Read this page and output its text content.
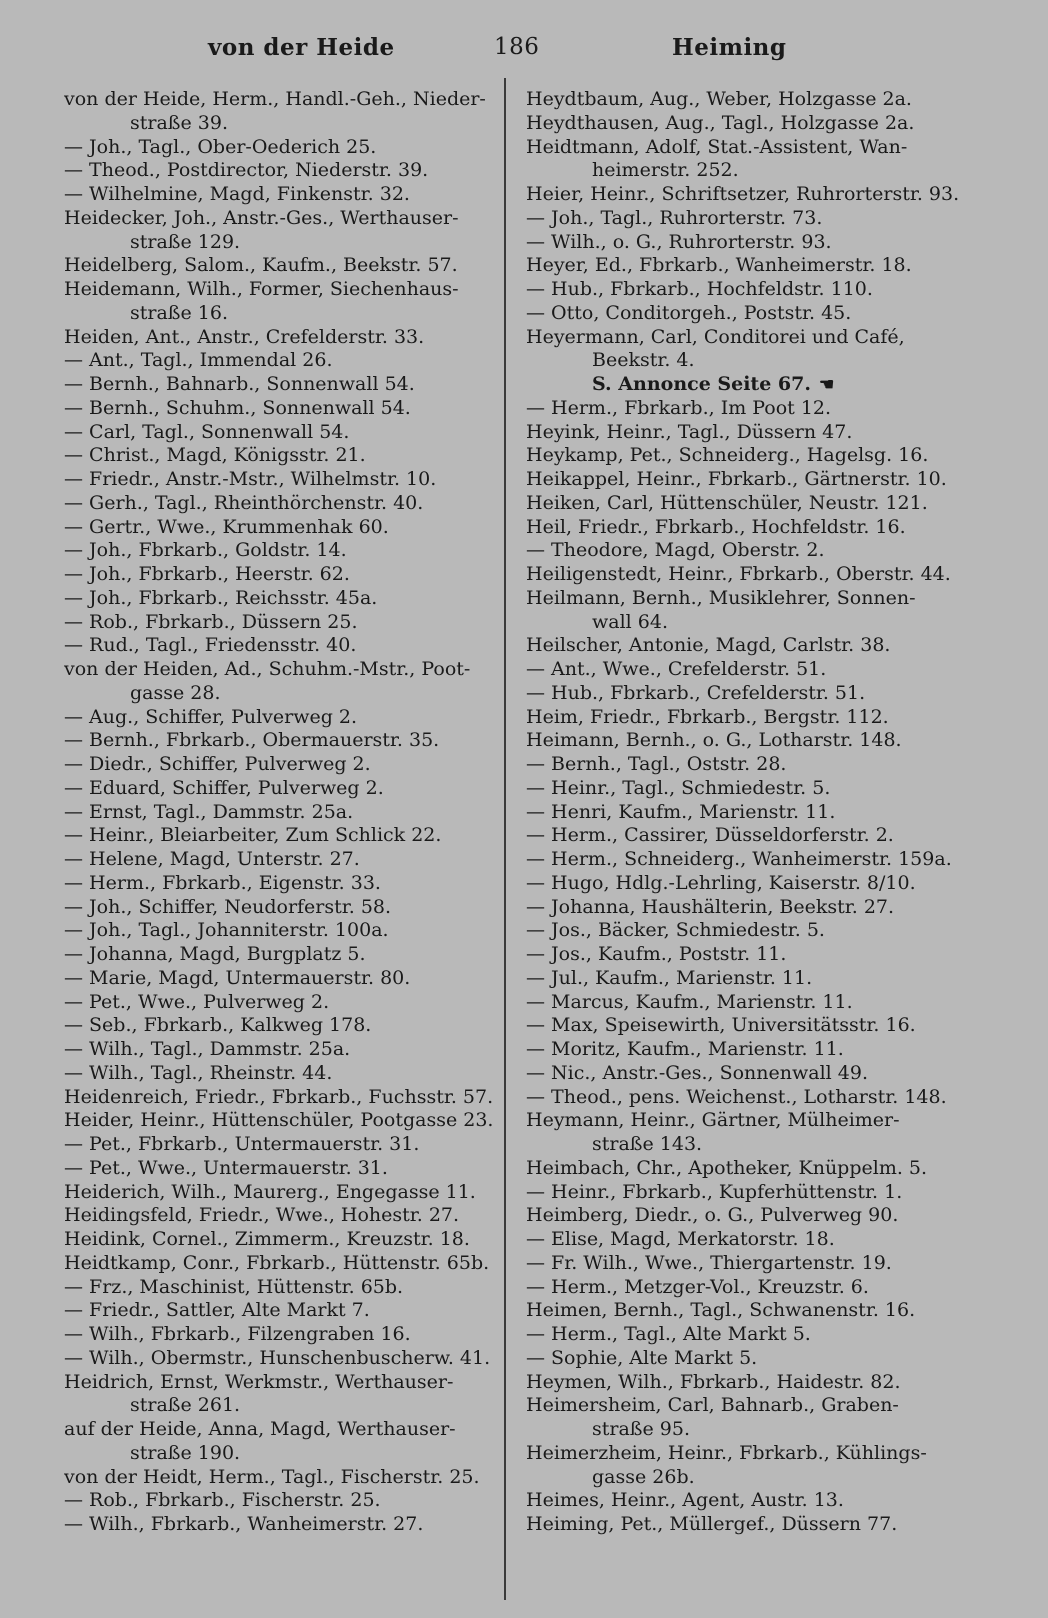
von der Heide	186	Heiming
von der Heide, Herm., Handl.-Geh., Nieder-
straße 39.
— Joh., Tagl., Ober-Oederich 25.
— Theod., Postdirector, Niederstr. 39.
— Wilhelmine, Magd, Finkenstr. 32.
Heidecker, Joh., Anstr.-Ges., Werthauser-
straße 129.
Heidelberg, Salom., Kaufm., Beekstr. 57.
Heidemann, Wilh., Former, Siechenhaus-
straße 16.
Heiden, Ant., Anstr., Crefelderstr. 33.
— Ant., Tagl., Immendal 26.
— Bernh., Bahnarb., Sonnenwall 54.
— Bernh., Schuhm., Sonnenwall 54.
— Carl, Tagl., Sonnenwall 54.
— Christ., Magd, Königsstr. 21.
— Friedr., Anstr.-Mstr., Wilhelmstr. 10.
— Gerh., Tagl., Rheinthörchenstr. 40.
— Gertr., Wwe., Krummenhak 60.
— Joh., Fbrkarb., Goldstr. 14.
— Joh., Fbrkarb., Heerstr. 62.
— Joh., Fbrkarb., Reichsstr. 45a.
— Rob., Fbrkarb., Düssern 25.
— Rud., Tagl., Friedensstr. 40.
von der Heiden, Ad., Schuhm.-Mstr., Poot-
gasse 28.
— Aug., Schiffer, Pulverweg 2.
— Bernh., Fbrkarb., Obermauerstr. 35.
— Diedr., Schiffer, Pulverweg 2.
— Eduard, Schiffer, Pulverweg 2.
— Ernst, Tagl., Dammstr. 25a.
— Heinr., Bleiarbeiter, Zum Schlick 22.
— Helene, Magd, Unterstr. 27.
— Herm., Fbrkarb., Eigenstr. 33.
— Joh., Schiffer, Neudorferstr. 58.
— Joh., Tagl., Johanniterstr. 100a.
— Johanna, Magd, Burgplatz 5.
— Marie, Magd, Untermauerstr. 80.
— Pet., Wwe., Pulverweg 2.
— Seb., Fbrkarb., Kalkweg 178.
— Wilh., Tagl., Dammstr. 25a.
— Wilh., Tagl., Rheinstr. 44.
Heidenreich, Friedr., Fbrkarb., Fuchsstr. 57.
Heider, Heinr., Hüttenschüler, Pootgasse 23.
— Pet., Fbrkarb., Untermauerstr. 31.
— Pet., Wwe., Untermauerstr. 31.
Heiderich, Wilh., Maurerg., Engegasse 11.
Heidingsfeld, Friedr., Wwe., Hohestr. 27.
Heidink, Cornel., Zimmerm., Kreuzstr. 18.
Heidtkamp, Conr., Fbrkarb., Hüttenstr. 65b.
— Frz., Maschinist, Hüttenstr. 65b.
— Friedr., Sattler, Alte Markt 7.
— Wilh., Fbrkarb., Filzengraben 16.
— Wilh., Obermstr., Hunschenbuscherw. 41.
Heidrich, Ernst, Werkmstr., Werthauser-
straße 261.
auf der Heide, Anna, Magd, Werthauser-
straße 190.
von der Heidt, Herm., Tagl., Fischerstr. 25.
— Rob., Fbrkarb., Fischerstr. 25.
— Wilh., Fbrkarb., Wanheimerstr. 27.
Heydtbaum, Aug., Weber, Holzgasse 2a.
Heydthausen, Aug., Tagl., Holzgasse 2a.
Heidtmann, Adolf, Stat.-Assistent, Wan-
heimerstr. 252.
Heier, Heinr., Schriftsetzer, Ruhrorterstr. 93.
— Joh., Tagl., Ruhrorterstr. 73.
— Wilh., o. G., Ruhrorterstr. 93.
Heyer, Ed., Fbrkarb., Wanheimerstr. 18.
— Hub., Fbrkarb., Hochfeldstr. 110.
— Otto, Conditorgeh., Poststr. 45.
Heyermann, Carl, Conditorei und Café,
Beekstr. 4.
S. Annonce Seite 67. ☚
— Herm., Fbrkarb., Im Poot 12.
Heyink, Heinr., Tagl., Düssern 47.
Heykamp, Pet., Schneiderg., Hagelsg. 16.
Heikappel, Heinr., Fbrkarb., Gärtnerstr. 10.
Heiken, Carl, Hüttenschüler, Neustr. 121.
Heil, Friedr., Fbrkarb., Hochfeldstr. 16.
— Theodore, Magd, Oberstr. 2.
Heiligenstedt, Heinr., Fbrkarb., Oberstr. 44.
Heilmann, Bernh., Musiklehrer, Sonnen-
wall 64.
Heilscher, Antonie, Magd, Carlstr. 38.
— Ant., Wwe., Crefelderstr. 51.
— Hub., Fbrkarb., Crefelderstr. 51.
Heim, Friedr., Fbrkarb., Bergstr. 112.
Heimann, Bernh., o. G., Lotharstr. 148.
— Bernh., Tagl., Oststr. 28.
— Heinr., Tagl., Schmiedestr. 5.
— Henri, Kaufm., Marienstr. 11.
— Herm., Cassirer, Düsseldorferstr. 2.
— Herm., Schneiderg., Wanheimerstr. 159a.
— Hugo, Hdlg.-Lehrling, Kaiserstr. 8/10.
— Johanna, Haushälterin, Beekstr. 27.
— Jos., Bäcker, Schmiedestr. 5.
— Jos., Kaufm., Poststr. 11.
— Jul., Kaufm., Marienstr. 11.
— Marcus, Kaufm., Marienstr. 11.
— Max, Speisewirth, Universitätsstr. 16.
— Moritz, Kaufm., Marienstr. 11.
— Nic., Anstr.-Ges., Sonnenwall 49.
— Theod., pens. Weichenst., Lotharstr. 148.
Heymann, Heinr., Gärtner, Mülheimer-
straße 143.
Heimbach, Chr., Apotheker, Knüppelm. 5.
— Heinr., Fbrkarb., Kupferhüttenstr. 1.
Heimberg, Diedr., o. G., Pulverweg 90.
— Elise, Magd, Merkatorstr. 18.
— Fr. Wilh., Wwe., Thiergartenstr. 19.
— Herm., Metzger-Vol., Kreuzstr. 6.
Heimen, Bernh., Tagl., Schwanenstr. 16.
— Herm., Tagl., Alte Markt 5.
— Sophie, Alte Markt 5.
Heymen, Wilh., Fbrkarb., Haidestr. 82.
Heimersheim, Carl, Bahnarb., Graben-
straße 95.
Heimerzheim, Heinr., Fbrkarb., Kühlings-
gasse 26b.
Heimes, Heinr., Agent, Austr. 13.
Heiming, Pet., Müllergef., Düssern 77.
